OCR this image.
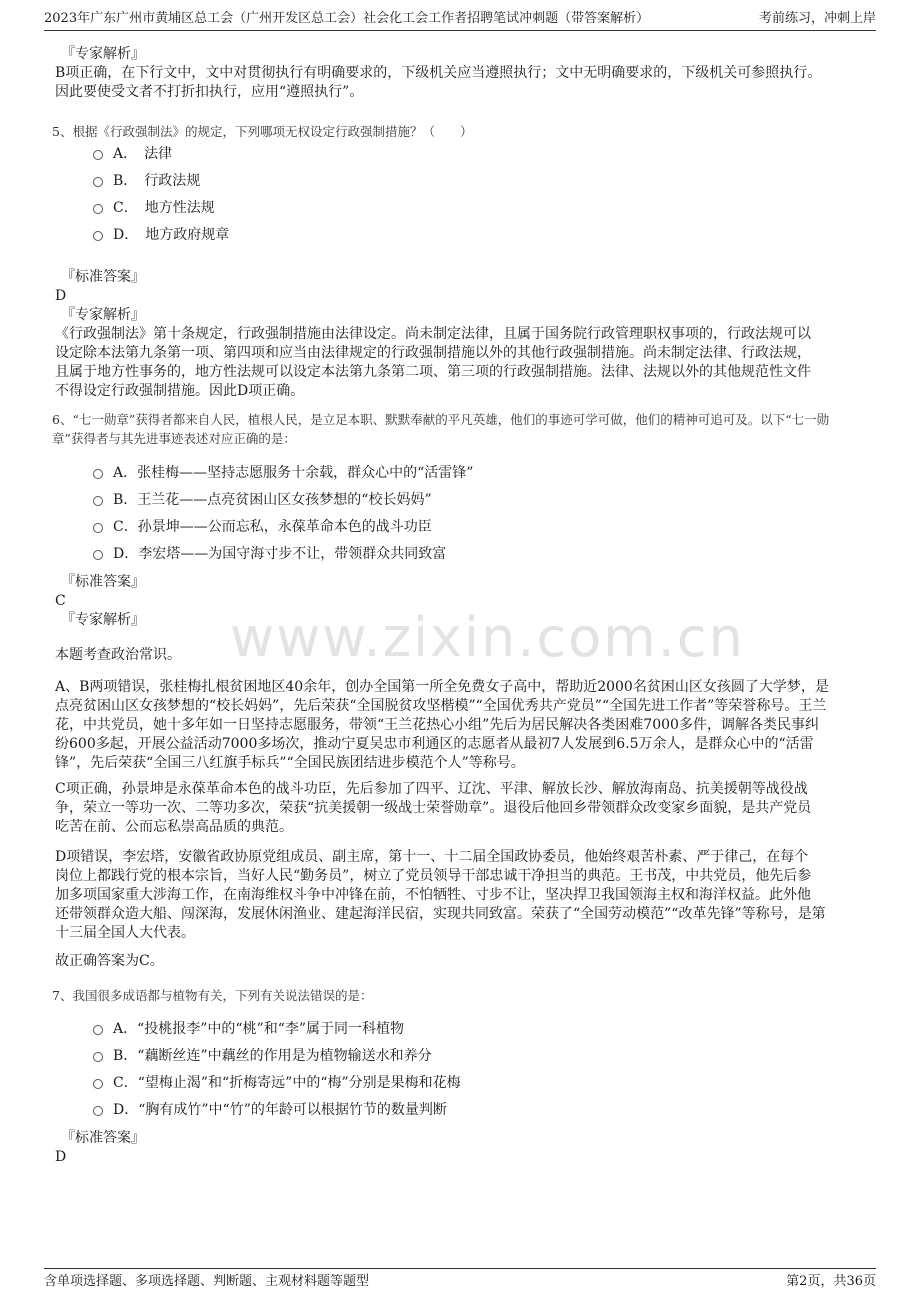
2023年广东广州市黄埔区总工会（广州开发区总工会）社会化工会工作者招聘笔试冲刺题（带答案解析）	考前练习，冲刺上岸
www.zixin.com.cn

『专家解析』

B项正确，在下行文中，文中对贯彻执行有明确要求的，下级机关应当遵照执行；文中无明确要求的，下级机关可参照执行。

因此要使受文者不打折扣执行，应用“遵照执行”。

5、根据《行政强制法》的规定，下列哪项无权设定行政强制措施？（　　）

A．　法律
B．　行政法规
C．　地方性法规
D．　地方政府规章

『标准答案』

D

『专家解析』

《行政强制法》第十条规定，行政强制措施由法律设定。尚未制定法律，且属于国务院行政管理职权事项的，行政法规可以

设定除本法第九条第一项、第四项和应当由法律规定的行政强制措施以外的其他行政强制措施。尚未制定法律、行政法规，

且属于地方性事务的，地方性法规可以设定本法第九条第二项、第三项的行政强制措施。法律、法规以外的其他规范性文件

不得设定行政强制措施。因此D项正确。

6、“七一勋章”获得者都来自人民，植根人民，是立足本职、默默奉献的平凡英雄，他们的事迹可学可做，他们的精神可追可及。以下“七一勋

章”获得者与其先进事迹表述对应正确的是：

A．张桂梅——坚持志愿服务十余载，群众心中的“活雷锋”
B．王兰花——点亮贫困山区女孩梦想的“校长妈妈”
C．孙景坤——公而忘私，永葆革命本色的战斗功臣
D．李宏塔——为国守海寸步不让，带领群众共同致富

『标准答案』

C

『专家解析』

本题考查政治常识。

A、B两项错误，张桂梅扎根贫困地区40余年，创办全国第一所全免费女子高中，帮助近2000名贫困山区女孩圆了大学梦，是

点亮贫困山区女孩梦想的“校长妈妈”，先后荣获“全国脱贫攻坚楷模”“全国优秀共产党员”“全国先进工作者”等荣誉称号。王兰

花，中共党员，她十多年如一日坚持志愿服务，带领“王兰花热心小组”先后为居民解决各类困难7000多件，调解各类民事纠

纷600多起，开展公益活动7000多场次，推动宁夏吴忠市利通区的志愿者从最初7人发展到6.5万余人，是群众心中的“活雷

锋”，先后荣获“全国三八红旗手标兵”“全国民族团结进步模范个人”等称号。

C项正确，孙景坤是永葆革命本色的战斗功臣，先后参加了四平、辽沈、平津、解放长沙、解放海南岛、抗美援朝等战役战

争，荣立一等功一次、二等功多次，荣获“抗美援朝一级战士荣誉勋章”。退役后他回乡带领群众改变家乡面貌，是共产党员

吃苦在前、公而忘私崇高品质的典范。

D项错误，李宏塔，安徽省政协原党组成员、副主席，第十一、十二届全国政协委员，他始终艰苦朴素、严于律己，在每个

岗位上都践行党的根本宗旨，当好人民“勤务员”，树立了党员领导干部忠诚干净担当的典范。王书茂，中共党员，他先后参

加多项国家重大涉海工作，在南海维权斗争中冲锋在前，不怕牺牲、寸步不让，坚决捍卫我国领海主权和海洋权益。此外他

还带领群众造大船、闯深海，发展休闲渔业、建起海洋民宿，实现共同致富。荣获了“全国劳动模范”“改革先锋”等称号，是第

十三届全国人大代表。

故正确答案为C。

7、我国很多成语都与植物有关，下列有关说法错误的是：

A．“投桃报李”中的“桃”和“李”属于同一科植物
B．“藕断丝连”中藕丝的作用是为植物输送水和养分
C．“望梅止渴”和“折梅寄远”中的“梅”分别是果梅和花梅
D．“胸有成竹”中“竹”的年龄可以根据竹节的数量判断

『标准答案』

D

含单项选择题、多项选择题、判断题、主观材料题等题型	第2页，共36页
